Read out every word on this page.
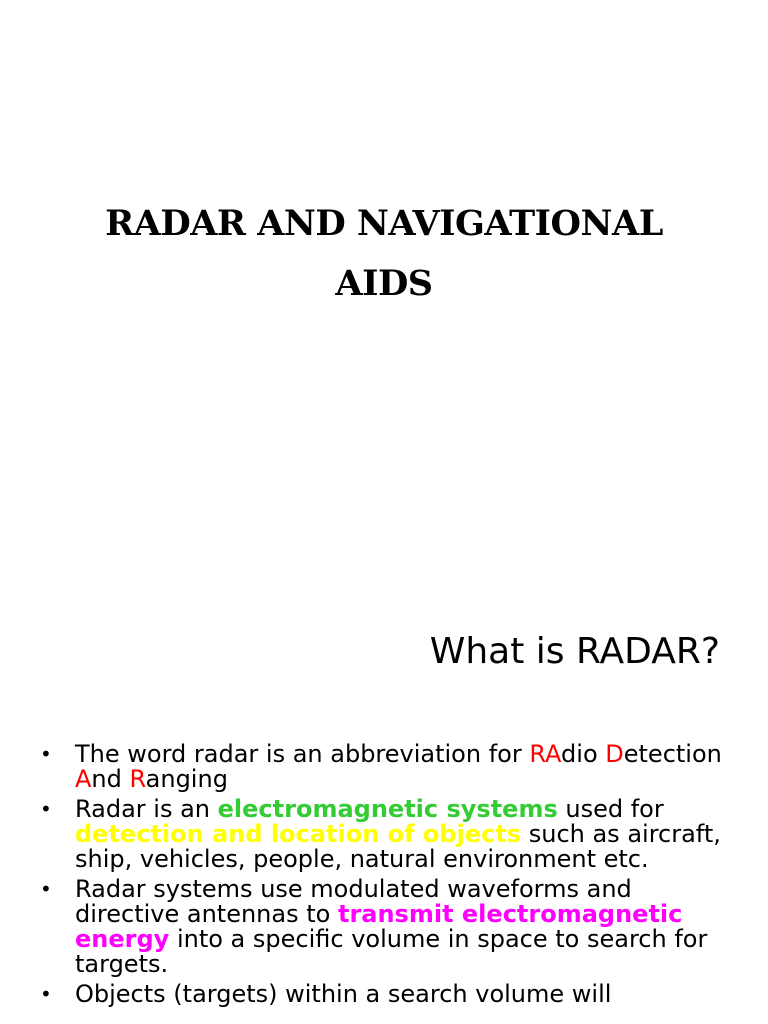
RADAR AND NAVIGATIONAL
AIDS
What is RADAR?
• The word radar is an abbreviation for RAdio Detection And Ranging
• Radar is an electromagnetic systems used for detection and location of objects such as aircraft, ship, vehicles, people, natural environment etc.
• Radar systems use modulated waveforms and directive antennas to transmit electromagnetic energy into a specific volume in space to search for targets.
• Objects (targets) within a search volume will
